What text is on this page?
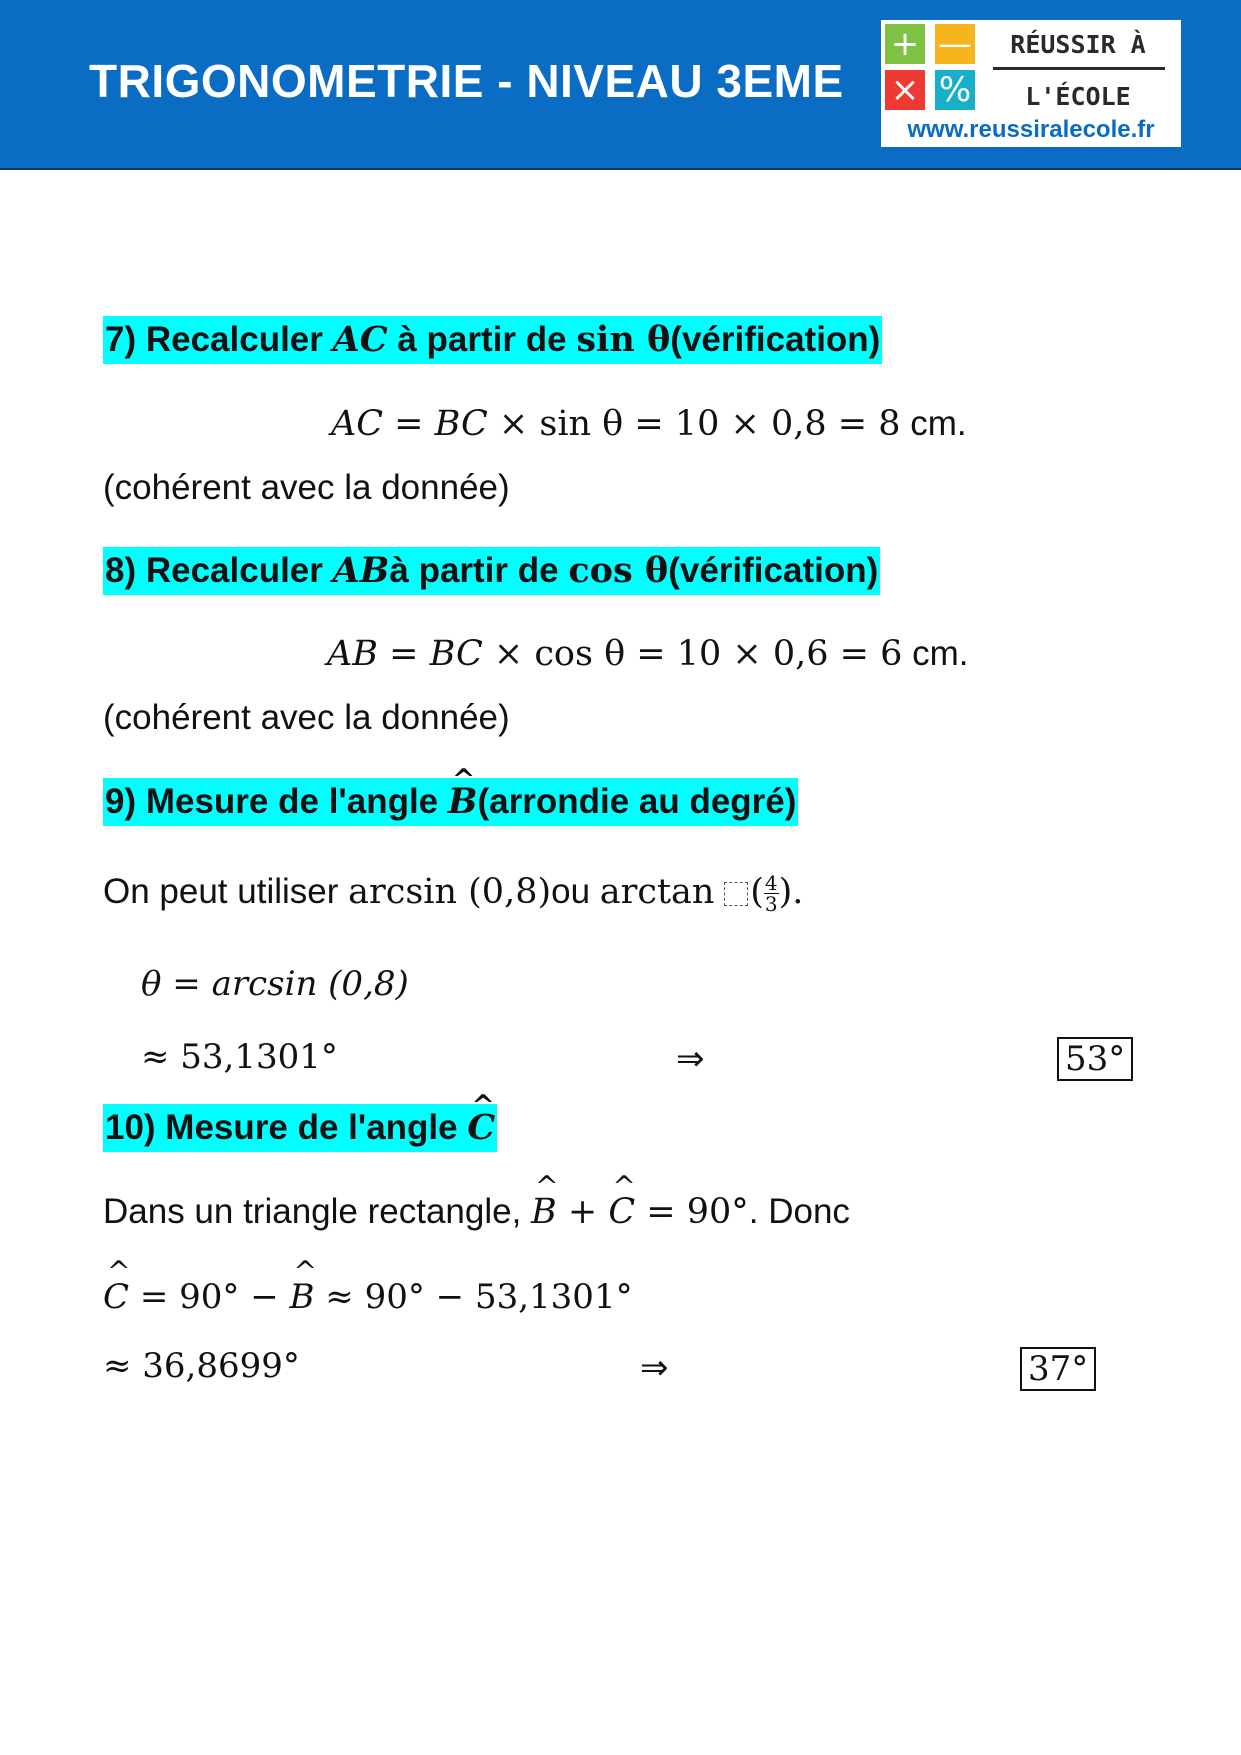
TRIGONOMETRIE - NIVEAU 3EME
+ —
× %
RÉUSSIR À
L'ÉCOLE
www.reussiralecole.fr
7) Recalculer AC à partir de sin θ(vérification)
AC = BC × sin θ = 10 × 0,8 = 8 cm.
(cohérent avec la donnée)
8) Recalculer ABà partir de cos θ(vérification)
AB = BC × cos θ = 10 × 0,6 = 6 cm.
(cohérent avec la donnée)
9) Mesure de l'angle ^ B(arrondie au degré)
On peut utiliser arcsin (0,8)ou arctan ( $\frac{4}{3}$ ).
θ = arcsin (0,8)
≈ 53,1301°	⇒	53°
10) Mesure de l'angle ^ C
Dans un triangle rectangle, ^ B + ^ C = 90°. Donc
^ C = 90° − ^ B ≈ 90° − 53,1301°
≈ 36,8699°	⇒	37°
